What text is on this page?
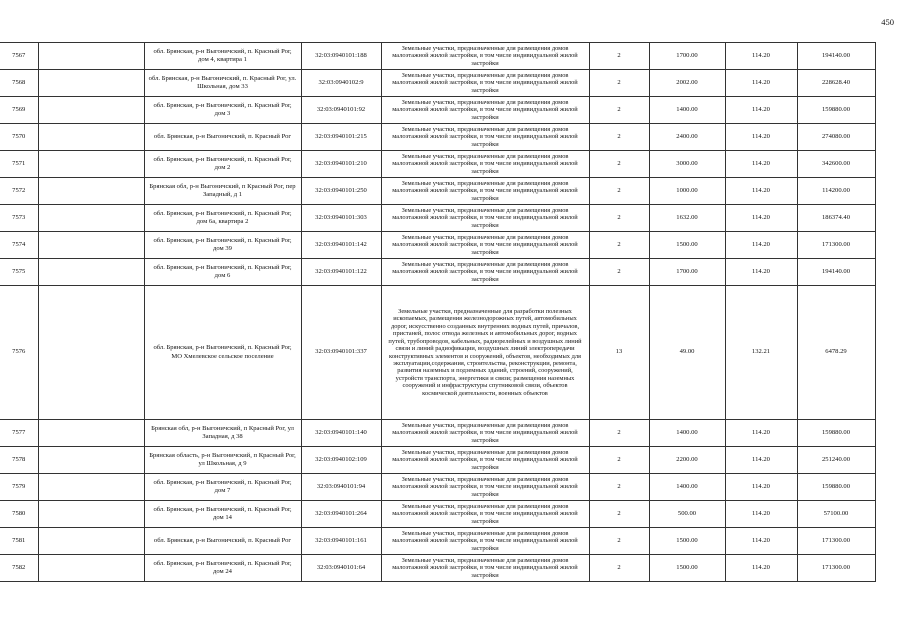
450
7567		обл. Брянская, р-н Выгоничский, п. Красный Рог, дом 4, квартира 1	32:03:0940101:188	Земельные участки, предназначенные для размещения домов малоэтажной жилой застройки, в том числе индивидуальной жилой застройки	2	1700.00	114.20	194140.00
7568		обл. Брянская, р-н Выгоничский, п. Красный Рог, ул. Школьная, дом 33	32:03:0940102:9	Земельные участки, предназначенные для размещения домов малоэтажной жилой застройки, в том числе индивидуальной жилой застройки	2	2002.00	114.20	228628.40
7569		обл. Брянская, р-н Выгоничский, п. Красный Рог, дом 3	32:03:0940101:92	Земельные участки, предназначенные для размещения домов малоэтажной жилой застройки, в том числе индивидуальной жилой застройки	2	1400.00	114.20	159880.00
7570		обл. Брянская, р-н Выгоничский, п. Красный Рог	32:03:0940101:215	Земельные участки, предназначенные для размещения домов малоэтажной жилой застройки, в том числе индивидуальной жилой застройки	2	2400.00	114.20	274080.00
7571		обл. Брянская, р-н Выгоничский, п. Красный Рог, дом 2	32:03:0940101:210	Земельные участки, предназначенные для размещения домов малоэтажной жилой застройки, в том числе индивидуальной жилой застройки	2	3000.00	114.20	342600.00
7572		Брянская обл, р-н Выгоничский, п Красный Рог, пер Западный, д 1	32:03:0940101:250	Земельные участки, предназначенные для размещения домов малоэтажной жилой застройки, в том числе индивидуальной жилой застройки	2	1000.00	114.20	114200.00
7573		обл. Брянская, р-н Выгоничский, п. Красный Рог, дом 6а, квартира 2	32:03:0940101:303	Земельные участки, предназначенные для размещения домов малоэтажной жилой застройки, в том числе индивидуальной жилой застройки	2	1632.00	114.20	186374.40
7574		обл. Брянская, р-н Выгоничский, п. Красный Рог, дом 39	32:03:0940101:142	Земельные участки, предназначенные для размещения домов малоэтажной жилой застройки, в том числе индивидуальной жилой застройки	2	1500.00	114.20	171300.00
7575		обл. Брянская, р-н Выгоничский, п. Красный Рог, дом 6	32:03:0940101:122	Земельные участки, предназначенные для размещения домов малоэтажной жилой застройки, в том числе индивидуальной жилой застройки	2	1700.00	114.20	194140.00
7576		обл. Брянская, р-н Выгоничский, п. Красный Рог, МО Хмелевское сельское поселение	32:03:0940101:337	Земельные участки, предназначенные для разработки полезных ископаемых, размещения железнодорожных путей, автомобильных дорог, искусственно созданных внутренних водных путей, причалов, пристаней, полос отвода железных и автомобильных дорог, водных путей, трубопроводов, кабельных, радиорелейных и воздушных линий связи и линий радиофикации, воздушных линий электропередачи конструктивных элементов и сооружений, объектов, необходимых для эксплуатации,содержания, строительства, реконструкции, ремонта, развития наземных и подземных зданий, строений, сооружений, устройств транспорта, энергетики и связи; размещения наземных сооружений и инфраструктуры спутниковой связи, объектов космической деятельности, военных объектов	13	49.00	132.21	6478.29
7577		Брянская обл, р-н Выгоничский, п Красный Рог, ул Западная, д 38	32:03:0940101:140	Земельные участки, предназначенные для размещения домов малоэтажной жилой застройки, в том числе индивидуальной жилой застройки	2	1400.00	114.20	159880.00
7578		Брянская область, р-н Выгоничский, п Красный Рог, ул Школьная, д 9	32:03:0940102:109	Земельные участки, предназначенные для размещения домов малоэтажной жилой застройки, в том числе индивидуальной жилой застройки	2	2200.00	114.20	251240.00
7579		обл. Брянская, р-н Выгоничский, п. Красный Рог, дом 7	32:03:0940101:94	Земельные участки, предназначенные для размещения домов малоэтажной жилой застройки, в том числе индивидуальной жилой застройки	2	1400.00	114.20	159880.00
7580		обл. Брянская, р-н Выгоничский, п. Красный Рог, дом 14	32:03:0940101:264	Земельные участки, предназначенные для размещения домов малоэтажной жилой застройки, в том числе индивидуальной жилой застройки	2	500.00	114.20	57100.00
7581		обл. Брянская, р-н Выгоничский, п. Красный Рог	32:03:0940101:161	Земельные участки, предназначенные для размещения домов малоэтажной жилой застройки, в том числе индивидуальной жилой застройки	2	1500.00	114.20	171300.00
7582		обл. Брянская, р-н Выгоничский, п. Красный Рог, дом 24	32:03:0940101:64	Земельные участки, предназначенные для размещения домов малоэтажной жилой застройки, в том числе индивидуальной жилой застройки	2	1500.00	114.20	171300.00
